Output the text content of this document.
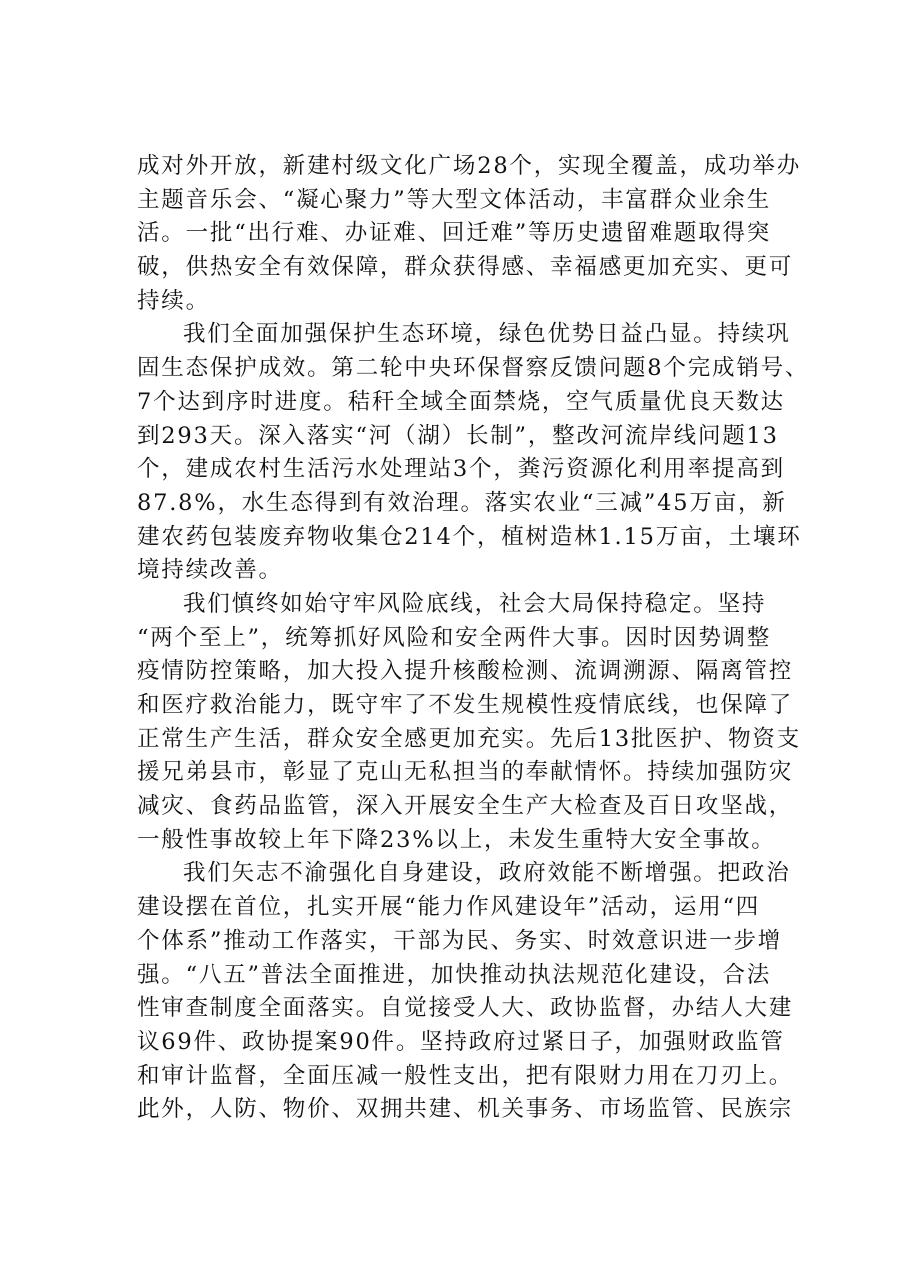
成对外开放，新建村级文化广场28个，实现全覆盖，成功举办
主题音乐会、“凝心聚力”等大型文体活动，丰富群众业余生
活。一批“出行难、办证难、回迁难”等历史遗留难题取得突
破，供热安全有效保障，群众获得感、幸福感更加充实、更可
持续。
我们全面加强保护生态环境，绿色优势日益凸显。持续巩
固生态保护成效。第二轮中央环保督察反馈问题8个完成销号、
7个达到序时进度。秸秆全域全面禁烧，空气质量优良天数达
到293天。深入落实“河（湖）长制”，整改河流岸线问题13
个，建成农村生活污水处理站3个，粪污资源化利用率提高到
87.8%，水生态得到有效治理。落实农业“三减”45万亩，新
建农药包装废弃物收集仓214个，植树造林1.15万亩，土壤环
境持续改善。
我们慎终如始守牢风险底线，社会大局保持稳定。坚持
“两个至上”，统筹抓好风险和安全两件大事。因时因势调整
疫情防控策略，加大投入提升核酸检测、流调溯源、隔离管控
和医疗救治能力，既守牢了不发生规模性疫情底线，也保障了
正常生产生活，群众安全感更加充实。先后13批医护、物资支
援兄弟县市，彰显了克山无私担当的奉献情怀。持续加强防灾
减灾、食药品监管，深入开展安全生产大检查及百日攻坚战，
一般性事故较上年下降23%以上，未发生重特大安全事故。
我们矢志不渝强化自身建设，政府效能不断增强。把政治
建设摆在首位，扎实开展“能力作风建设年”活动，运用“四
个体系”推动工作落实，干部为民、务实、时效意识进一步增
强。“八五”普法全面推进，加快推动执法规范化建设，合法
性审查制度全面落实。自觉接受人大、政协监督，办结人大建
议69件、政协提案90件。坚持政府过紧日子，加强财政监管
和审计监督，全面压减一般性支出，把有限财力用在刀刃上。
此外，人防、物价、双拥共建、机关事务、市场监管、民族宗
